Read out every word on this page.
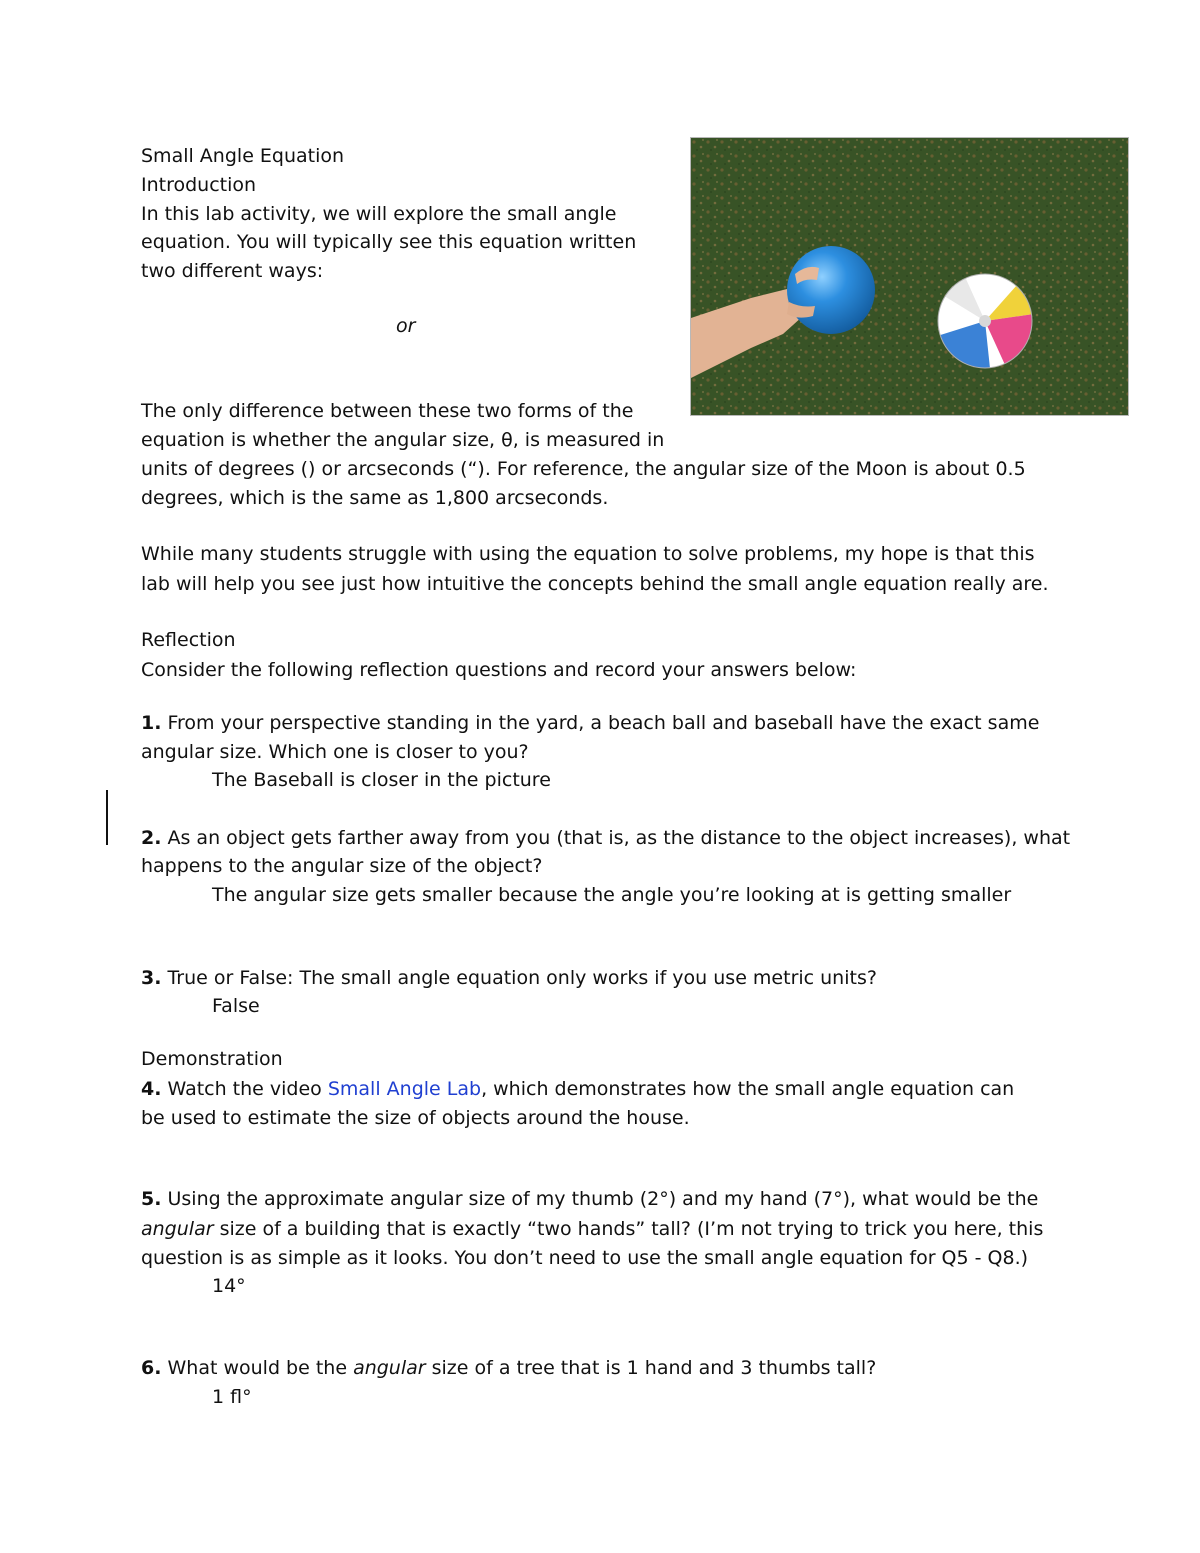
Small Angle Equation
Introduction
In this lab activity, we will explore the small angle
equation. You will typically see this equation written
two different ways:
or
The only difference between these two forms of the
equation is whether the angular size, θ, is measured in
units of degrees () or arcseconds (“). For reference, the angular size of the Moon is about 0.5
degrees, which is the same as 1,800 arcseconds.
While many students struggle with using the equation to solve problems, my hope is that this
lab will help you see just how intuitive the concepts behind the small angle equation really are.
Reflection
Consider the following reflection questions and record your answers below:
1. From your perspective standing in the yard, a beach ball and baseball have the exact same
angular size. Which one is closer to you?
The Baseball is closer in the picture
2. As an object gets farther away from you (that is, as the distance to the object increases), what
happens to the angular size of the object?
The angular size gets smaller because the angle you’re looking at is getting smaller
3. True or False: The small angle equation only works if you use metric units?
False
Demonstration
4. Watch the video Small Angle Lab, which demonstrates how the small angle equation can
be used to estimate the size of objects around the house.
5. Using the approximate angular size of my thumb (2°) and my hand (7°), what would be the
angular size of a building that is exactly “two hands” tall? (I’m not trying to trick you here, this
question is as simple as it looks. You don’t need to use the small angle equation for Q5 - Q8.)
14°
6. What would be the angular size of a tree that is 1 hand and 3 thumbs tall?
1 fl°
